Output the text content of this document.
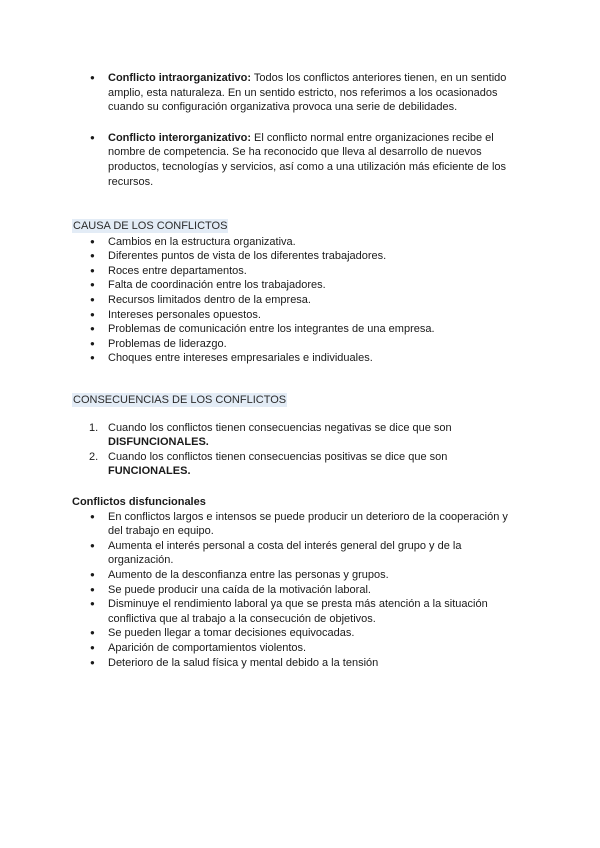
● Conflicto intraorganizativo: Todos los conflictos anteriores tienen, en un sentido amplio, esta naturaleza. En un sentido estricto, nos referimos a los ocasionados cuando su configuración organizativa provoca una serie de debilidades.
● Conflicto interorganizativo: El conflicto normal entre organizaciones recibe el nombre de competencia. Se ha reconocido que lleva al desarrollo de nuevos productos, tecnologías y servicios, así como a una utilización más eficiente de los recursos.
CAUSA DE LOS CONFLICTOS
● Cambios en la estructura organizativa.
● Diferentes puntos de vista de los diferentes trabajadores.
● Roces entre departamentos.
● Falta de coordinación entre los trabajadores.
● Recursos limitados dentro de la empresa.
● Intereses personales opuestos.
● Problemas de comunicación entre los integrantes de una empresa.
● Problemas de liderazgo.
● Choques entre intereses empresariales e individuales.
CONSECUENCIAS DE LOS CONFLICTOS
1. Cuando los conflictos tienen consecuencias negativas se dice que son DISFUNCIONALES.
2. Cuando los conflictos tienen consecuencias positivas se dice que son FUNCIONALES.
Conflictos disfuncionales
● En conflictos largos e intensos se puede producir un deterioro de la cooperación y del trabajo en equipo.
● Aumenta el interés personal a costa del interés general del grupo y de la organización.
● Aumento de la desconfianza entre las personas y grupos.
● Se puede producir una caída de la motivación laboral.
● Disminuye el rendimiento laboral ya que se presta más atención a la situación conflictiva que al trabajo a la consecución de objetivos.
● Se pueden llegar a tomar decisiones equivocadas.
● Aparición de comportamientos violentos.
● Deterioro de la salud física y mental debido a la tensión
